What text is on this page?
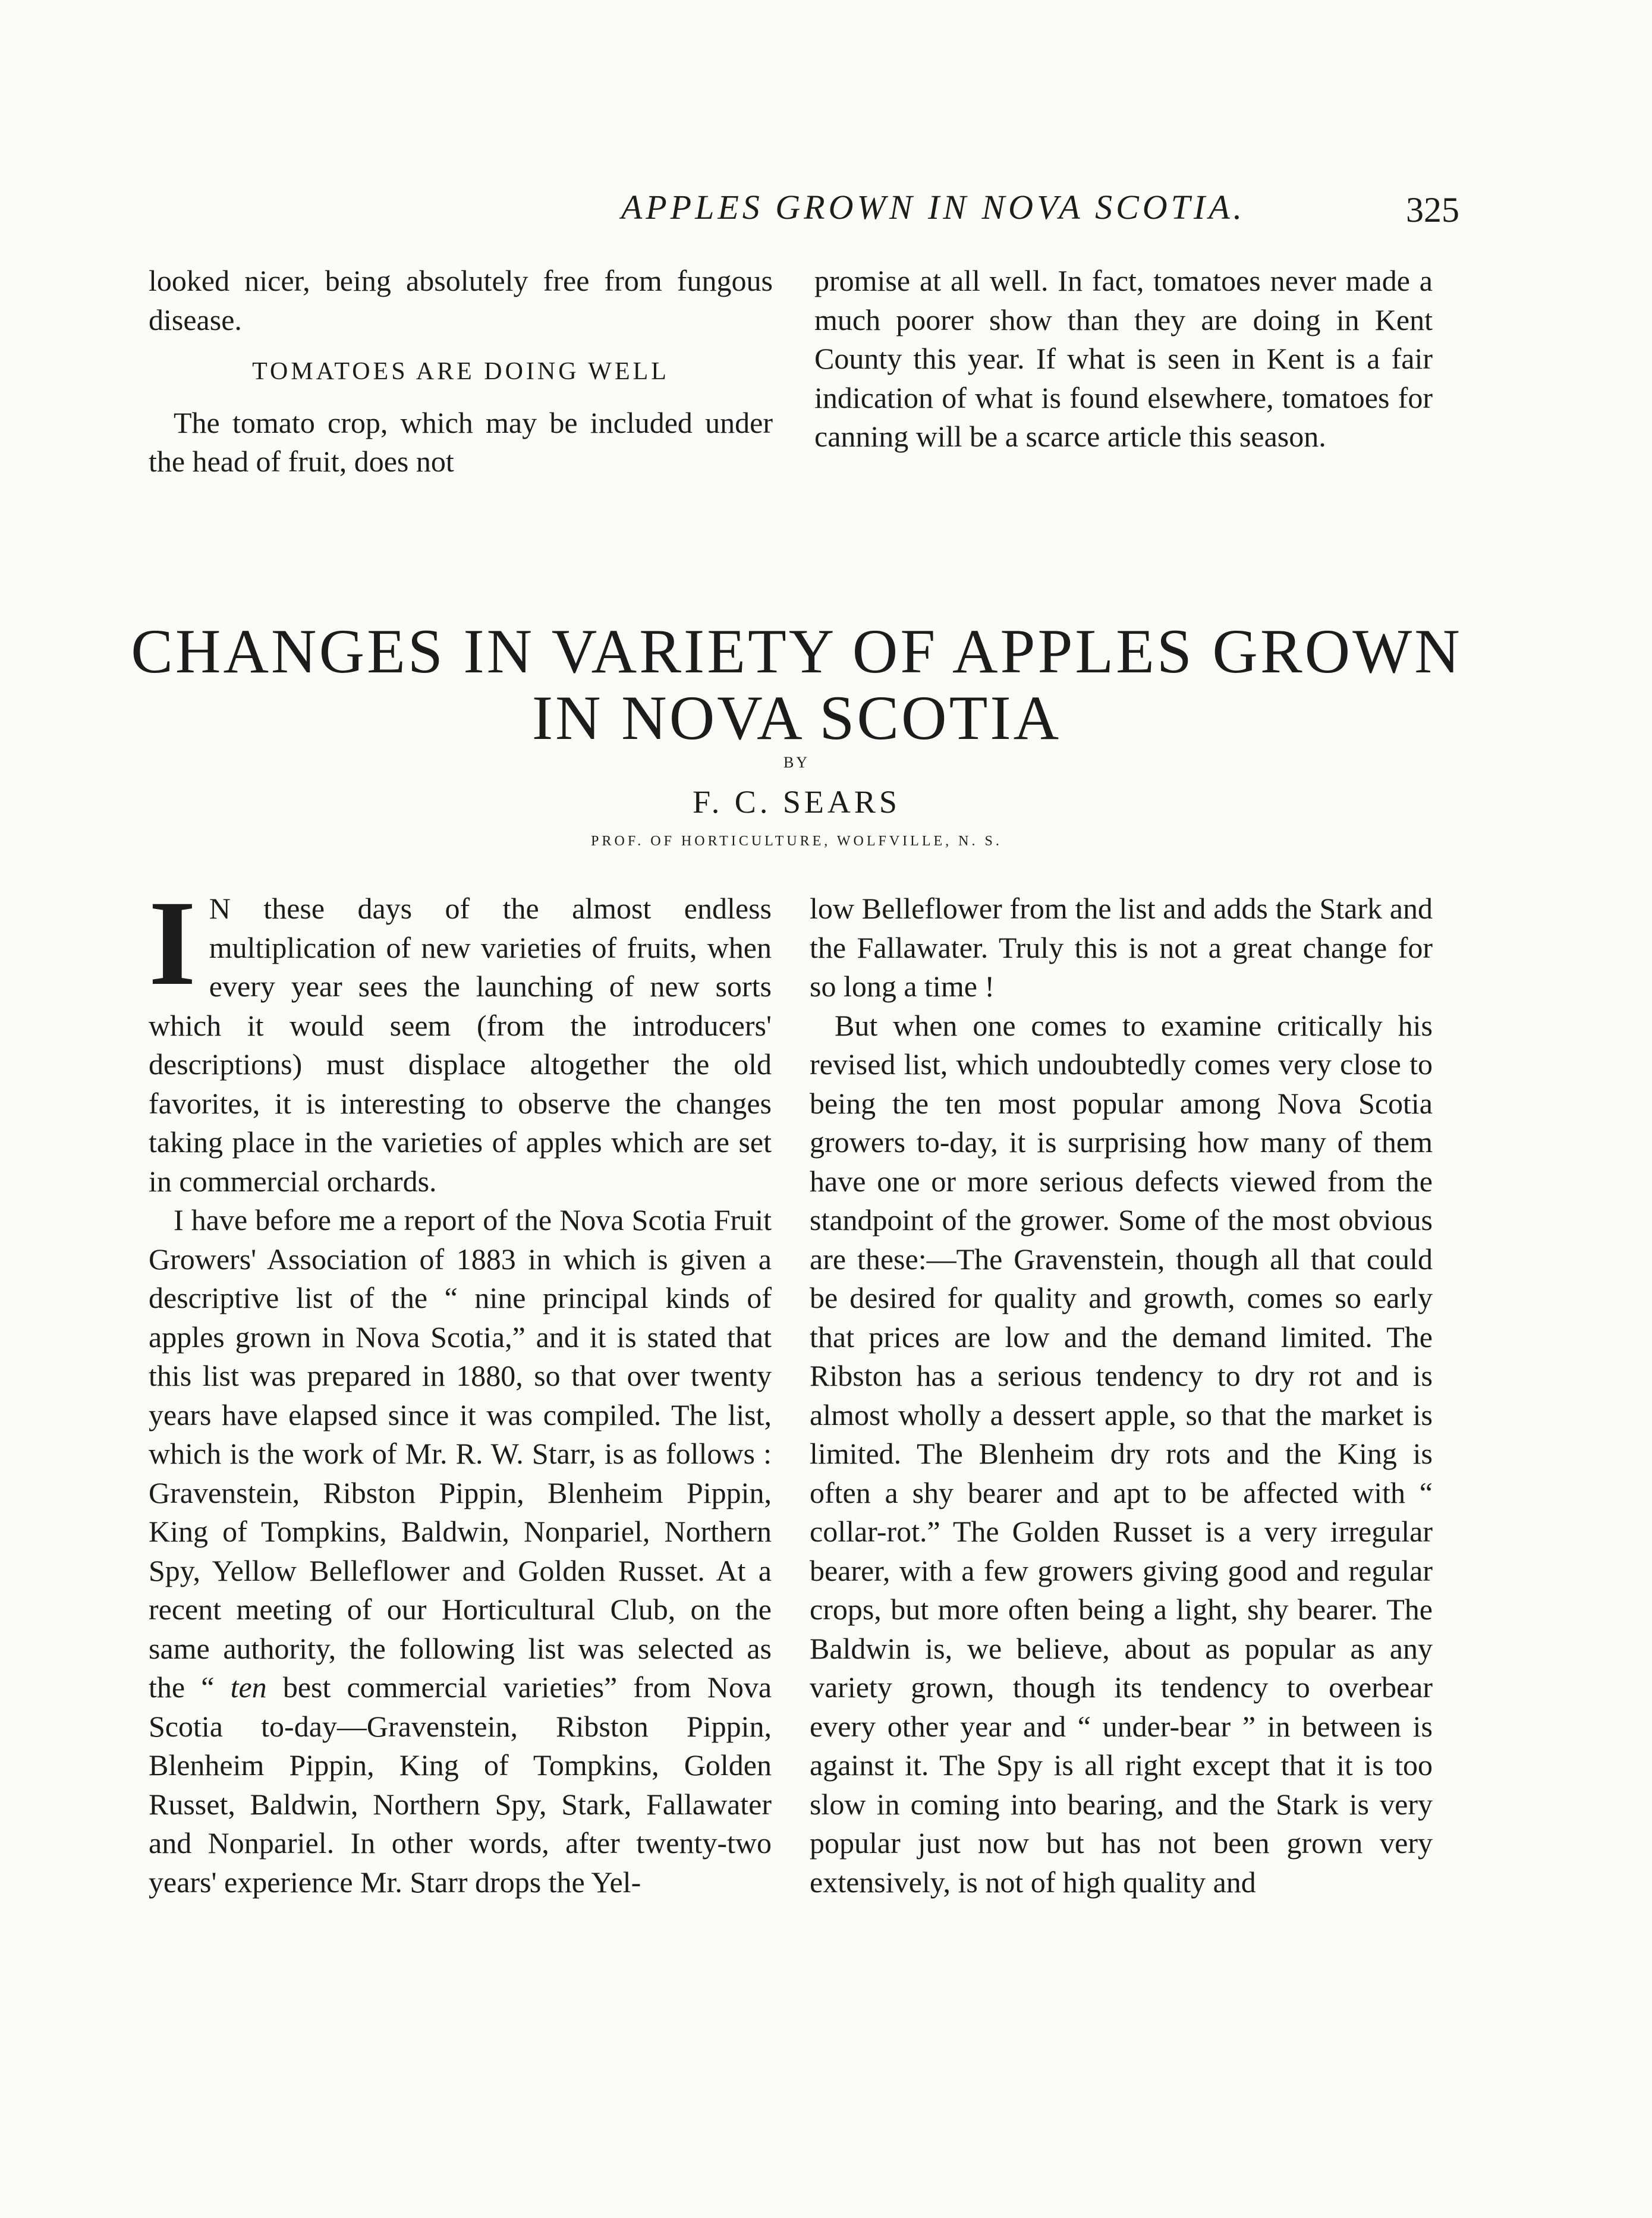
APPLES GROWN IN NOVA SCOTIA.	325

looked nicer, being absolutely free from fungous disease.

TOMATOES ARE DOING WELL

The tomato crop, which may be included under the head of fruit, does not

promise at all well. In fact, tomatoes never made a much poorer show than they are doing in Kent County this year. If what is seen in Kent is a fair indication of what is found elsewhere, tomatoes for canning will be a scarce article this season.

CHANGES IN VARIETY OF APPLES GROWN
IN NOVA SCOTIA
BY
F. C. SEARS
PROF. OF HORTICULTURE, WOLFVILLE, N. S.

I N these days of the almost endless multiplication of new varieties of fruits, when every year sees the launching of new sorts which it would seem (from the introducers' descriptions) must displace altogether the old favorites, it is interesting to observe the changes taking place in the varieties of apples which are set in commercial orchards.

I have before me a report of the Nova Scotia Fruit Growers' Association of 1883 in which is given a descriptive list of the “ nine principal kinds of apples grown in Nova Scotia,” and it is stated that this list was prepared in 1880, so that over twenty years have elapsed since it was compiled. The list, which is the work of Mr. R. W. Starr, is as follows : Gravenstein, Ribston Pippin, Blenheim Pippin, King of Tompkins, Baldwin, Nonpariel, Northern Spy, Yellow Belleflower and Golden Russet. At a recent meeting of our Horticultural Club, on the same authority, the following list was selected as the “ ten best commercial varieties” from Nova Scotia to-day—Gravenstein, Ribston Pippin, Blenheim Pippin, King of Tompkins, Golden Russet, Baldwin, Northern Spy, Stark, Fallawater and Nonpariel. In other words, after twenty-two years' experience Mr. Starr drops the Yel-

low Belleflower from the list and adds the Stark and the Fallawater. Truly this is not a great change for so long a time !

But when one comes to examine critically his revised list, which undoubtedly comes very close to being the ten most popular among Nova Scotia growers to-day, it is surprising how many of them have one or more serious defects viewed from the standpoint of the grower. Some of the most obvious are these:—The Gravenstein, though all that could be desired for quality and growth, comes so early that prices are low and the demand limited. The Ribston has a serious tendency to dry rot and is almost wholly a dessert apple, so that the market is limited. The Blenheim dry rots and the King is often a shy bearer and apt to be affected with “ collar-rot.” The Golden Russet is a very irregular bearer, with a few growers giving good and regular crops, but more often being a light, shy bearer. The Baldwin is, we believe, about as popular as any variety grown, though its tendency to overbear every other year and “ under-bear ” in between is against it. The Spy is all right except that it is too slow in coming into bearing, and the Stark is very popular just now but has not been grown very extensively, is not of high quality and
